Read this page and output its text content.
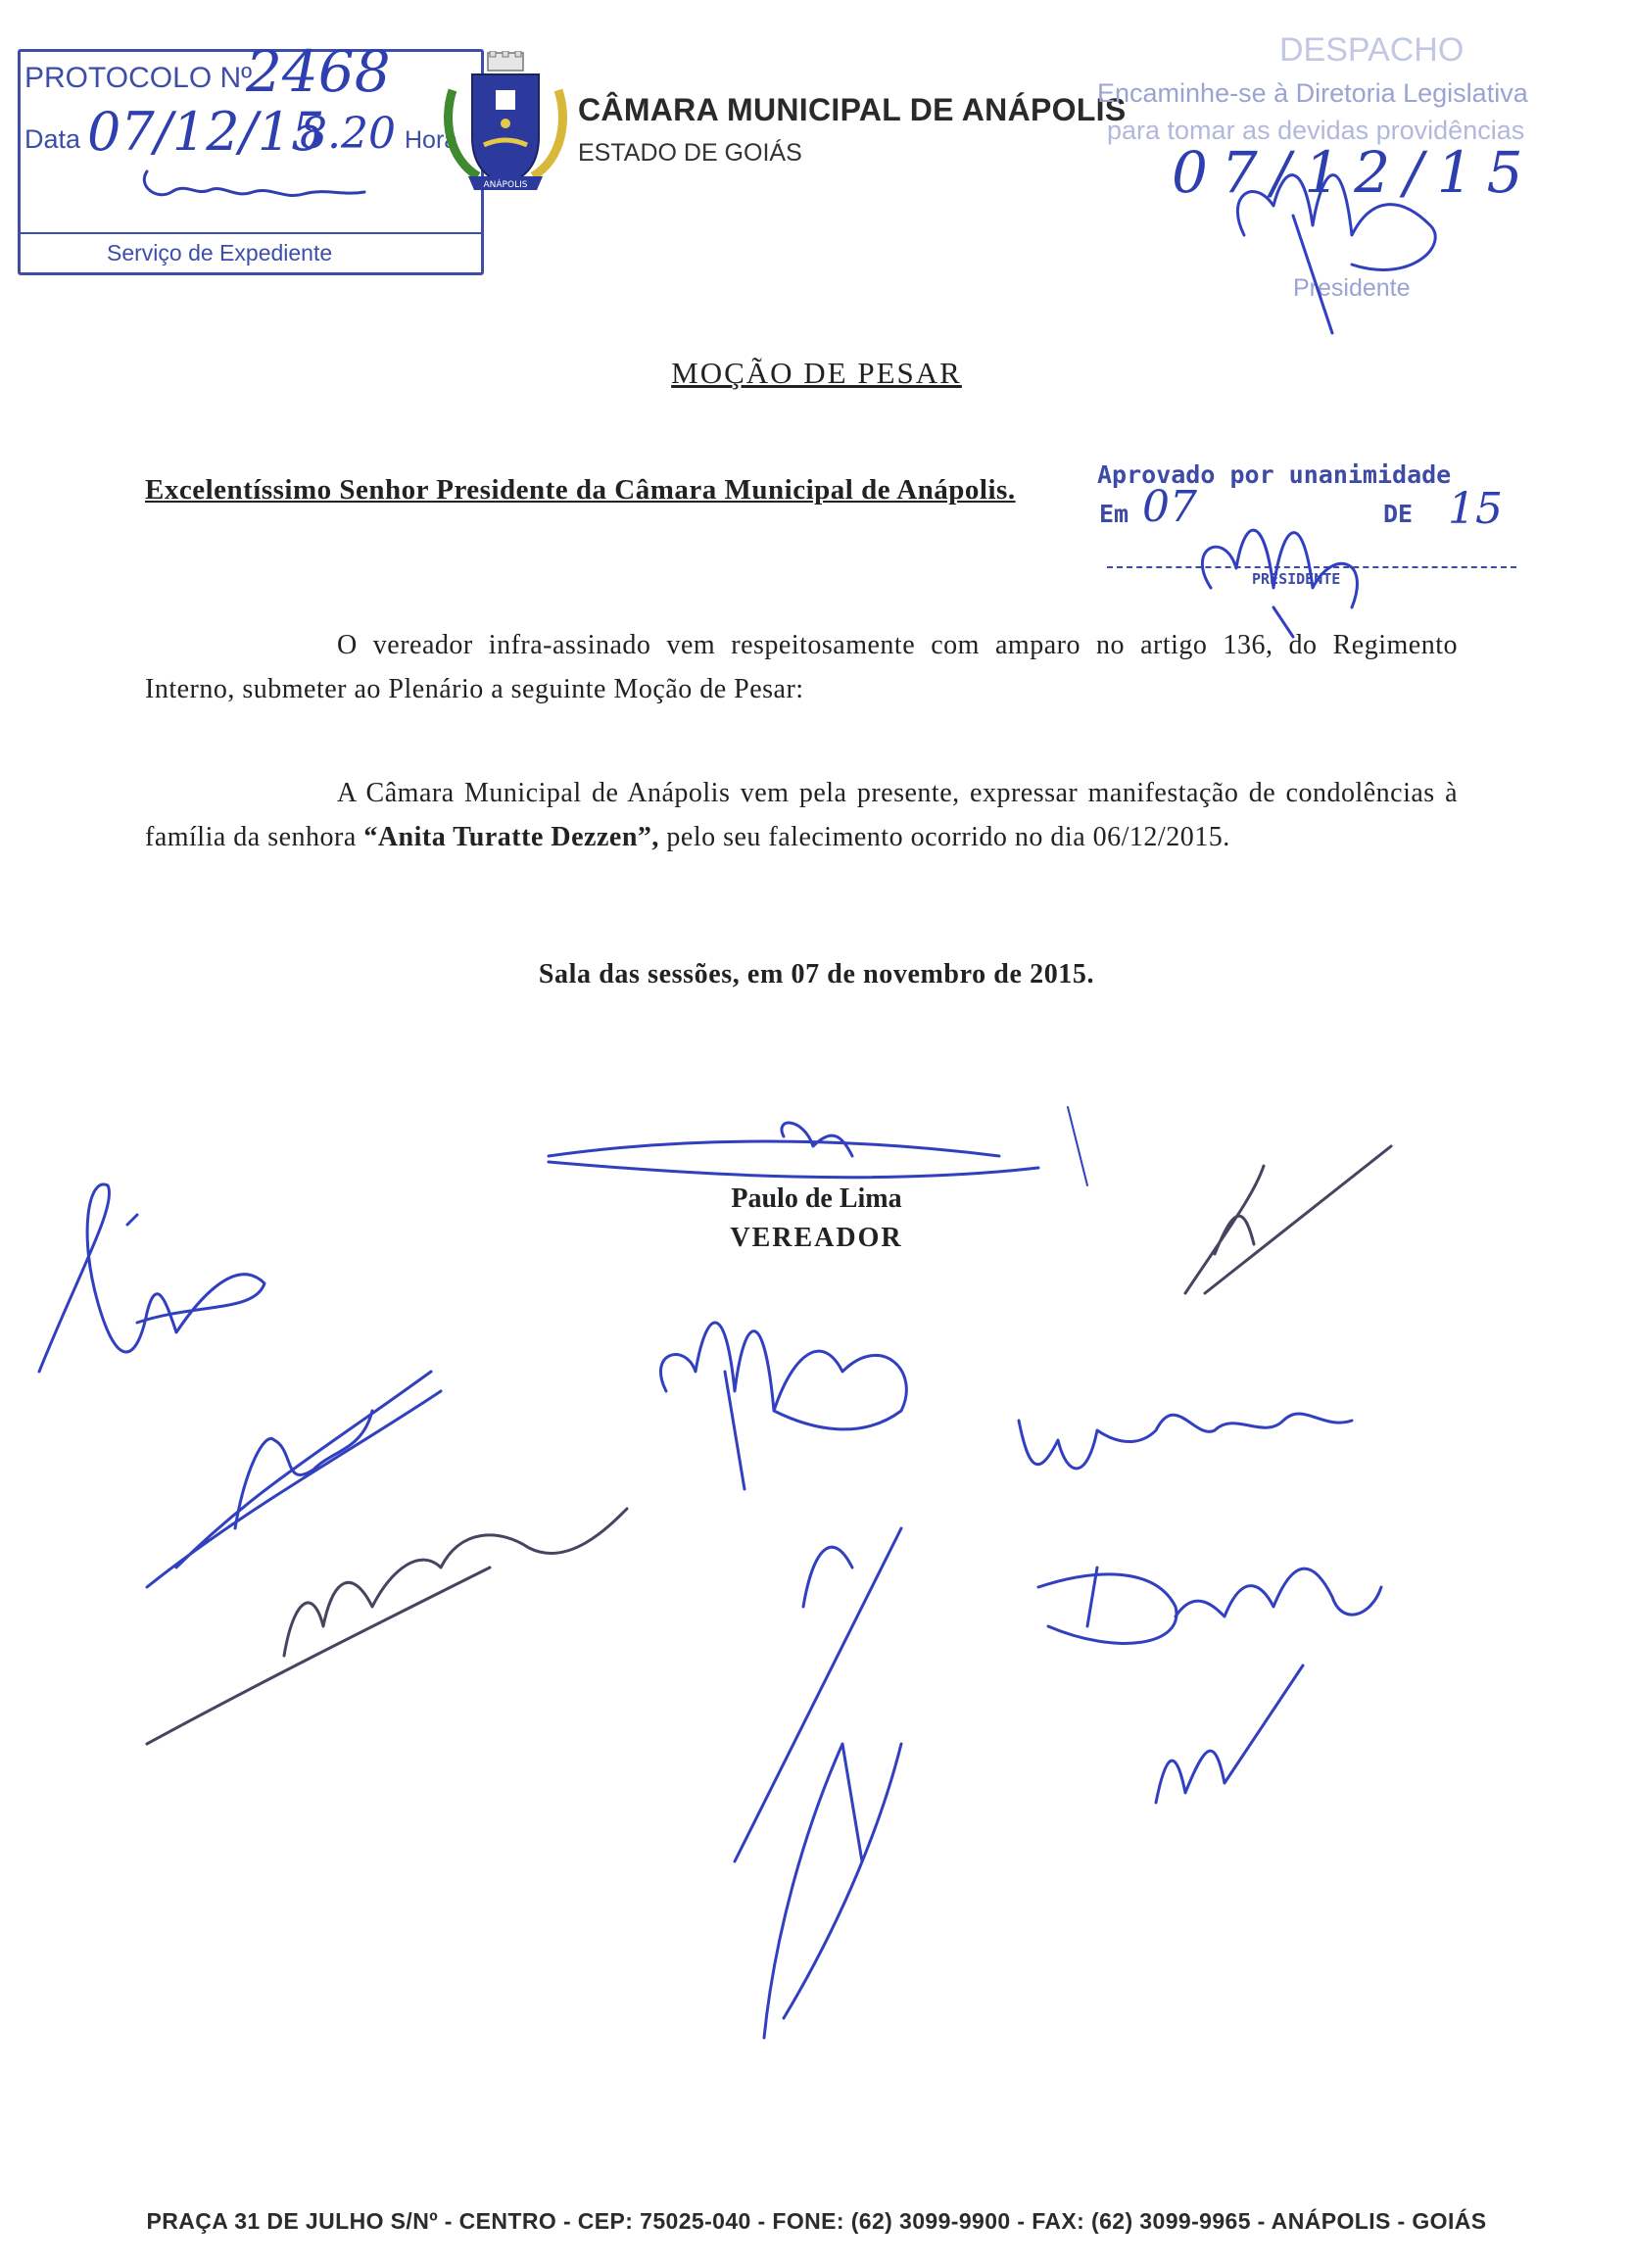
PROTOCOLO Nº
2468
Data 07/12/15
8.20 Hora
Serviço de Expediente
ANÁPOLIS
CÂMARA MUNICIPAL DE ANÁPOLIS
ESTADO DE GOIÁS
DESPACHO
Encaminhe-se à Diretoria Legislativa
para tomar as devidas providências
07/12/15
Presidente
MOÇÃO DE PESAR
Excelentíssimo Senhor Presidente da Câmara Municipal de Anápolis.	Aprovado por unanimidade
Em 07	DE 15
PRESIDENTE

O vereador infra-assinado vem respeitosamente com amparo no artigo 136, do Regimento Interno, submeter ao Plenário a seguinte Moção de Pesar:

A Câmara Municipal de Anápolis vem pela presente, expressar manifestação de condolências à família da senhora “Anita Turatte Dezzen”, pelo seu falecimento ocorrido no dia 06/12/2015.

Sala das sessões, em 07 de novembro de 2015.
Paulo de Lima
VEREADOR
PRAÇA 31 DE JULHO S/Nº - CENTRO - CEP: 75025-040 - FONE: (62) 3099-9900 - FAX: (62) 3099-9965 - ANÁPOLIS - GOIÁS
